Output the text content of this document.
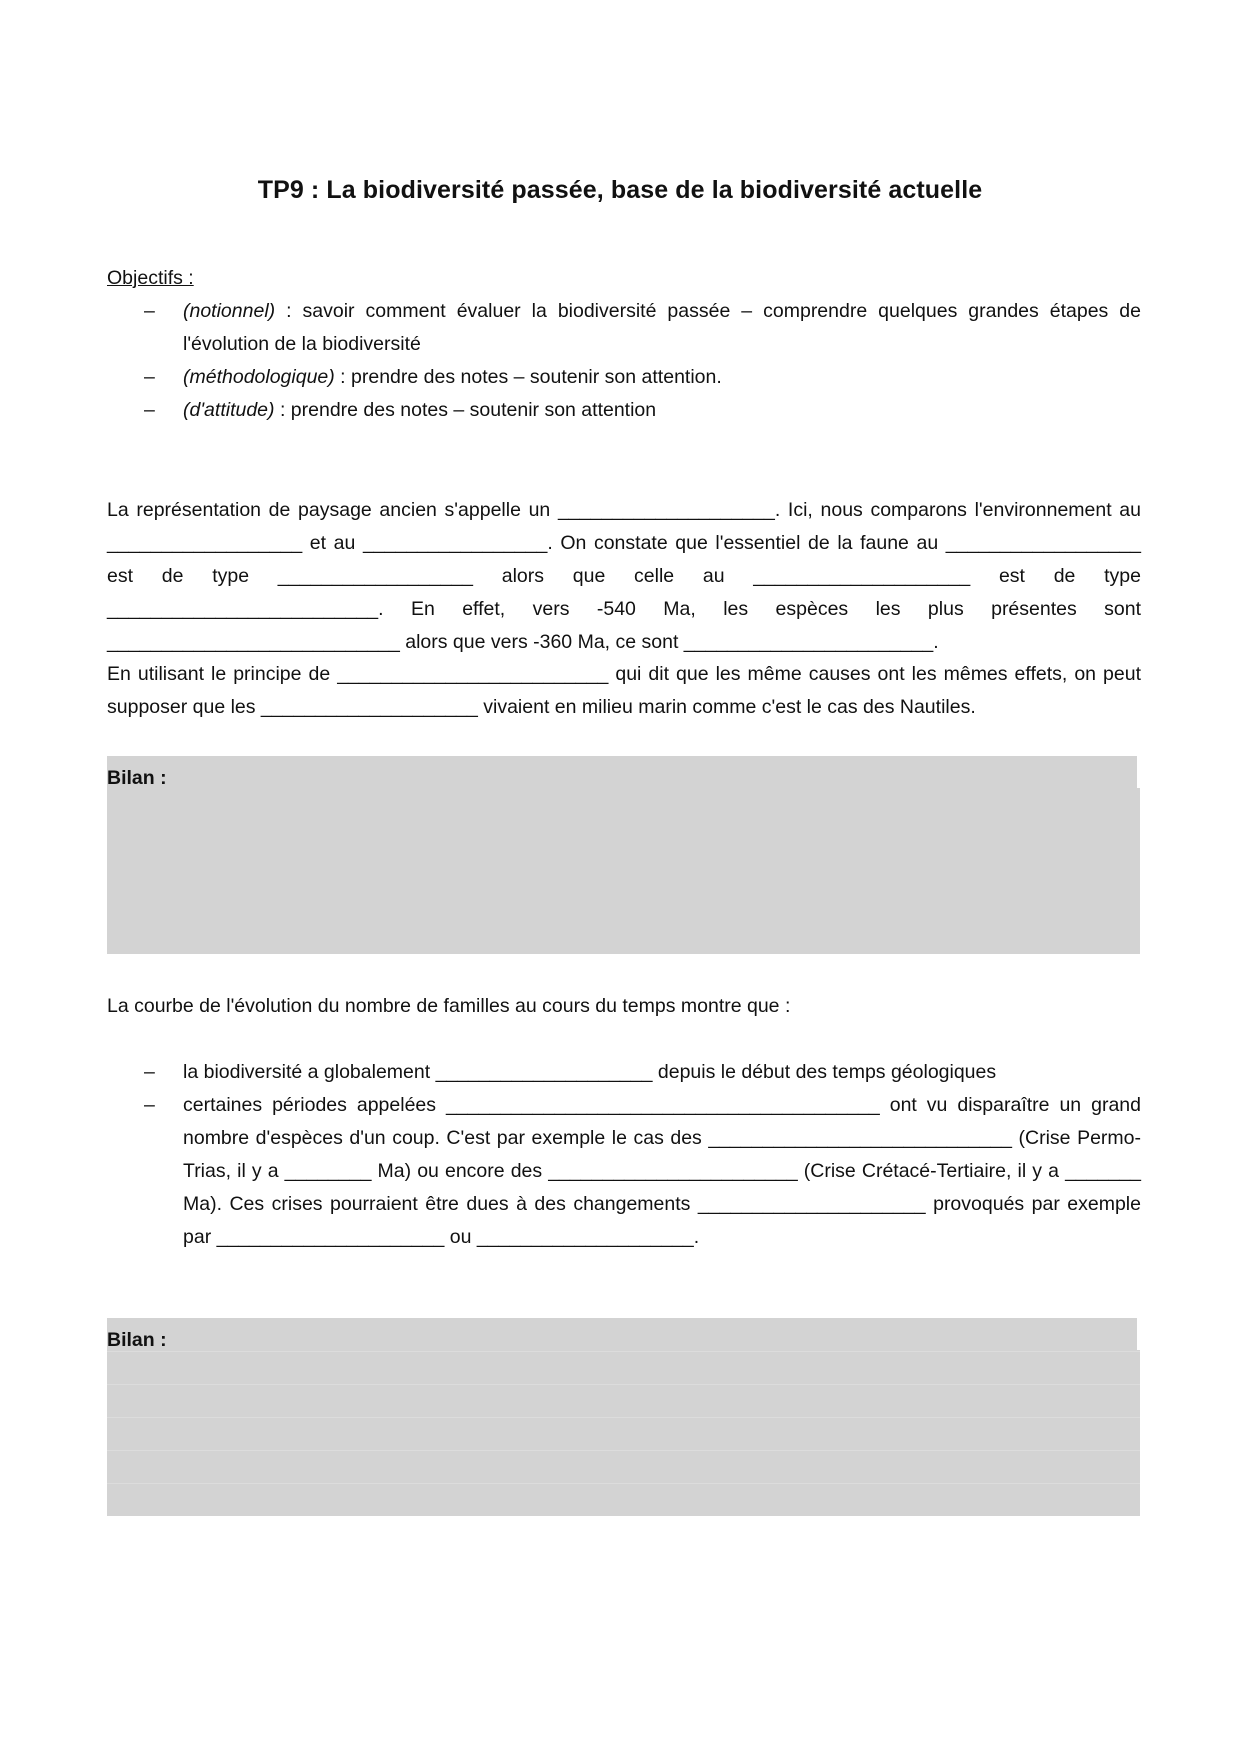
TP9 : La biodiversité passée, base de la biodiversité actuelle
Objectifs :
– (notionnel) : savoir comment évaluer la biodiversité passée – comprendre quelques grandes étapes de l'évolution de la biodiversité
– (méthodologique) : prendre des notes – soutenir son attention.
– (d'attitude) : prendre des notes – soutenir son attention

La représentation de paysage ancien s'appelle un ____________________. Ici, nous comparons l'environnement au __________________ et au _________________. On constate que l'essentiel de la faune au __________________ est de type __________________ alors que celle au ____________________ est de type _________________________. En effet, vers -540 Ma, les espèces les plus présentes sont ___________________________ alors que vers -360 Ma, ce sont _______________________.

En utilisant le principe de _________________________ qui dit que les même causes ont les mêmes effets, on peut supposer que les ____________________ vivaient en milieu marin comme c'est le cas des Nautiles.

Bilan :
La courbe de l'évolution du nombre de familles au cours du temps montre que :
– la biodiversité a globalement ____________________ depuis le début des temps géologiques
– certaines périodes appelées ________________________________________ ont vu disparaître un grand nombre d'espèces d'un coup. C'est par exemple le cas des ____________________________ (Crise Permo-Trias, il y a ________ Ma) ou encore des _______________________ (Crise Crétacé-Tertiaire, il y a _______ Ma). Ces crises pourraient être dues à des changements _____________________ provoqués par exemple par _____________________ ou ____________________.
Bilan :
